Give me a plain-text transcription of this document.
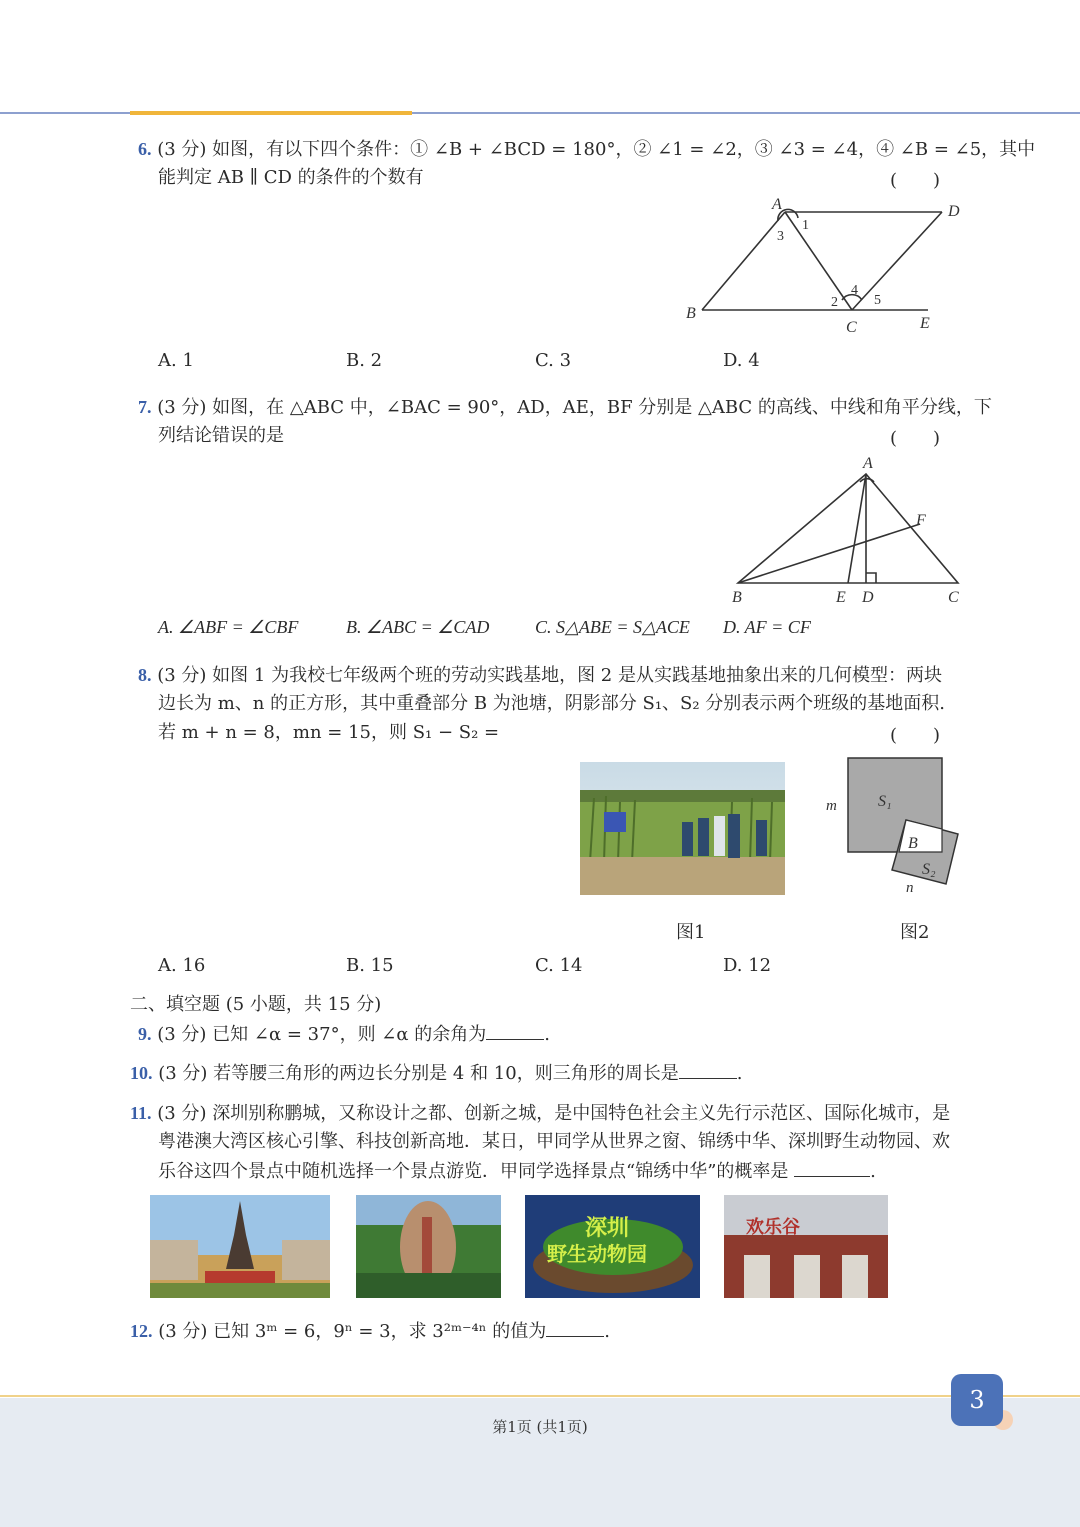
6. (3 分) 如图，有以下四个条件：① ∠B + ∠BCD = 180°，② ∠1 = ∠2，③ ∠3 = ∠4，④ ∠B = ∠5，其中
能判定 AB ∥ CD 的条件的个数有	(　　)
A	D
B
C	E
1
2
3
4
5
A. 1	B. 2	C. 3	D. 4
7. (3 分) 如图，在 △ABC 中，∠BAC = 90°，AD，AE，BF 分别是 △ABC 的高线、中线和角平分线，下
列结论错误的是	(　　)
A
F
B	E D	C
A. ∠ABF = ∠CBF	B. ∠ABC = ∠CAD	C. S△ABE = S△ACE D. AF = CF
8. (3 分) 如图 1 为我校七年级两个班的劳动实践基地，图 2 是从实践基地抽象出来的几何模型：两块
边长为 m、n 的正方形，其中重叠部分 B 为池塘，阴影部分 S₁、S₂ 分别表示两个班级的基地面积.
若 m + n = 8，mn = 15，则 S₁ − S₂ =	(　　)
图1
m	S₁
B
S₂
n
图2
A. 16	B. 15	C. 14	D. 12
二、填空题 (5 小题，共 15 分)
9. (3 分) 已知 ∠α = 37°，则 ∠α 的余角为	.
10. (3 分) 若等腰三角形的两边长分别是 4 和 10，则三角形的周长是	.
11. (3 分) 深圳别称鹏城，又称设计之都、创新之城，是中国特色社会主义先行示范区、国际化城市，是
粤港澳大湾区核心引擎、科技创新高地．某日，甲同学从世界之窗、锦绣中华、深圳野生动物园、欢
乐谷这四个景点中随机选择一个景点游览．甲同学选择景点“锦绣中华”的概率是	.
深圳
野生动物园
欢乐谷
12. (3 分) 已知 3ᵐ = 6，9ⁿ = 3，求 3²ᵐ⁻⁴ⁿ 的值为	.
3
第1页 (共1页)
